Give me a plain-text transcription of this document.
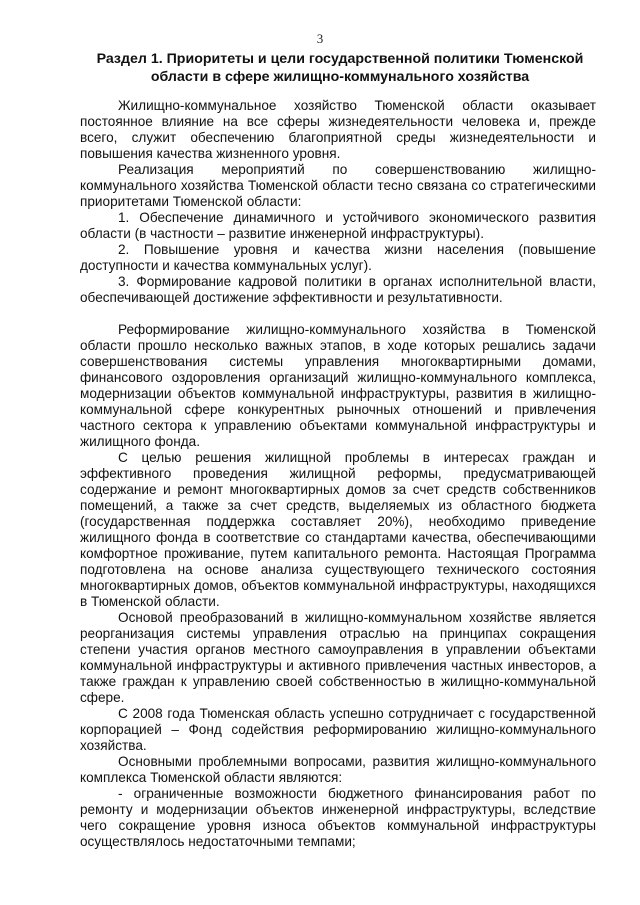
3
Раздел 1. Приоритеты и цели государственной политики Тюменской
области в сфере жилищно-коммунального хозяйства

Жилищно-коммунальное хозяйство Тюменской области оказывает постоянное влияние на все сферы жизнедеятельности человека и, прежде всего, служит обеспечению благоприятной среды жизнедеятельности и повышения качества жизненного уровня.

Реализация мероприятий по совершенствованию жилищно-коммунального хозяйства Тюменской области тесно связана со стратегическими приоритетами Тюменской области:

1. Обеспечение динамичного и устойчивого экономического развития области (в частности – развитие инженерной инфраструктуры).

2. Повышение уровня и качества жизни населения (повышение доступности и качества коммунальных услуг).

3. Формирование кадровой политики в органах исполнительной власти, обеспечивающей достижение эффективности и результативности.

Реформирование жилищно-коммунального хозяйства в Тюменской области прошло несколько важных этапов, в ходе которых решались задачи совершенствования системы управления многоквартирными домами, финансового оздоровления организаций жилищно-коммунального комплекса, модернизации объектов коммунальной инфраструктуры, развития в жилищно-коммунальной сфере конкурентных рыночных отношений и привлечения частного сектора к управлению объектами коммунальной инфраструктуры и жилищного фонда.

С целью решения жилищной проблемы в интересах граждан и эффективного проведения жилищной реформы, предусматривающей содержание и ремонт многоквартирных домов за счет средств собственников помещений, а также за счет средств, выделяемых из областного бюджета (государственная поддержка составляет 20%), необходимо приведение жилищного фонда в соответствие со стандартами качества, обеспечивающими комфортное проживание, путем капитального ремонта. Настоящая Программа подготовлена на основе анализа существующего технического состояния многоквартирных домов, объектов коммунальной инфраструктуры, находящихся в Тюменской области.

Основой преобразований в жилищно-коммунальном хозяйстве является реорганизация системы управления отраслью на принципах сокращения степени участия органов местного самоуправления в управлении объектами коммунальной инфраструктуры и активного привлечения частных инвесторов, а также граждан к управлению своей собственностью в жилищно-коммунальной сфере.

С 2008 года Тюменская область успешно сотрудничает с государственной корпорацией – Фонд содействия реформированию жилищно-коммунального хозяйства.

Основными проблемными вопросами, развития жилищно-коммунального комплекса Тюменской области являются:

- ограниченные возможности бюджетного финансирования работ по ремонту и модернизации объектов инженерной инфраструктуры, вследствие чего сокращение уровня износа объектов коммунальной инфраструктуры осуществлялось недостаточными темпами;
